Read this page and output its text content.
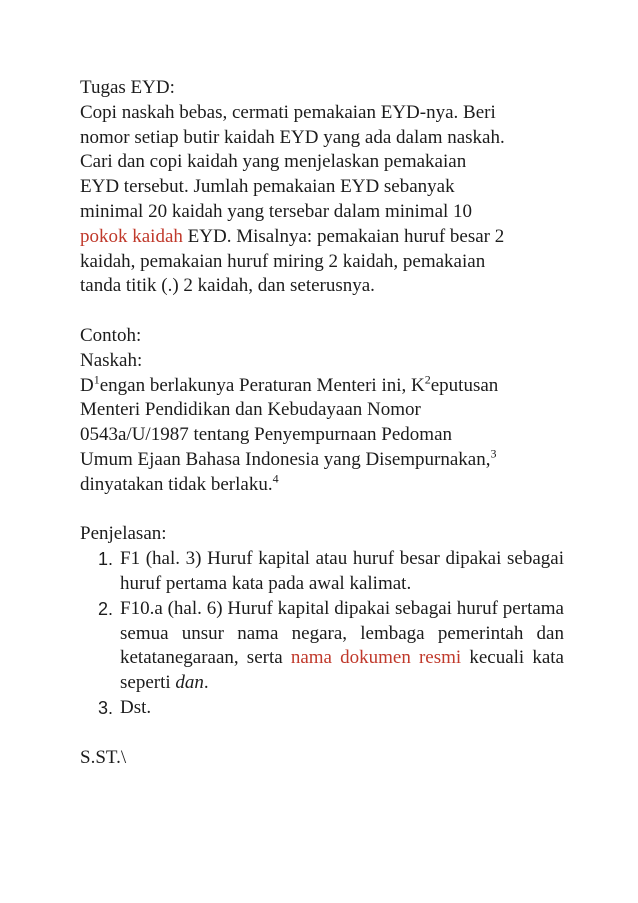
Tugas EYD:
Copi naskah bebas, cermati pemakaian EYD-nya. Beri
nomor setiap butir kaidah EYD yang ada dalam naskah.
Cari dan copi kaidah yang menjelaskan pemakaian
EYD tersebut. Jumlah pemakaian EYD sebanyak
minimal 20 kaidah yang tersebar dalam minimal 10
pokok kaidah EYD. Misalnya: pemakaian huruf besar 2
kaidah, pemakaian huruf miring 2 kaidah, pemakaian
tanda titik (.) 2 kaidah, dan seterusnya.
Contoh:
Naskah:
$D^1engan$ berlakunya Peraturan Menteri ini, $K^2eputusan$
Menteri Pendidikan dan Kebudayaan Nomor
0543a/U/1987 tentang Penyempurnaan Pedoman
Umum Ejaan Bahasa Indonesia yang Disempurnakan,$^3$
dinyatakan tidak berlaku.$^4$
Penjelasan:
1. F1 (hal. 3) Huruf kapital atau huruf besar dipakai sebagai huruf pertama kata pada awal kalimat.
2. F10.a (hal. 6) Huruf kapital dipakai sebagai huruf pertama semua unsur nama negara, lembaga pemerintah dan ketatanegaraan, serta nama dokumen resmi kecuali kata seperti dan.
3. Dst.
S.ST.\
